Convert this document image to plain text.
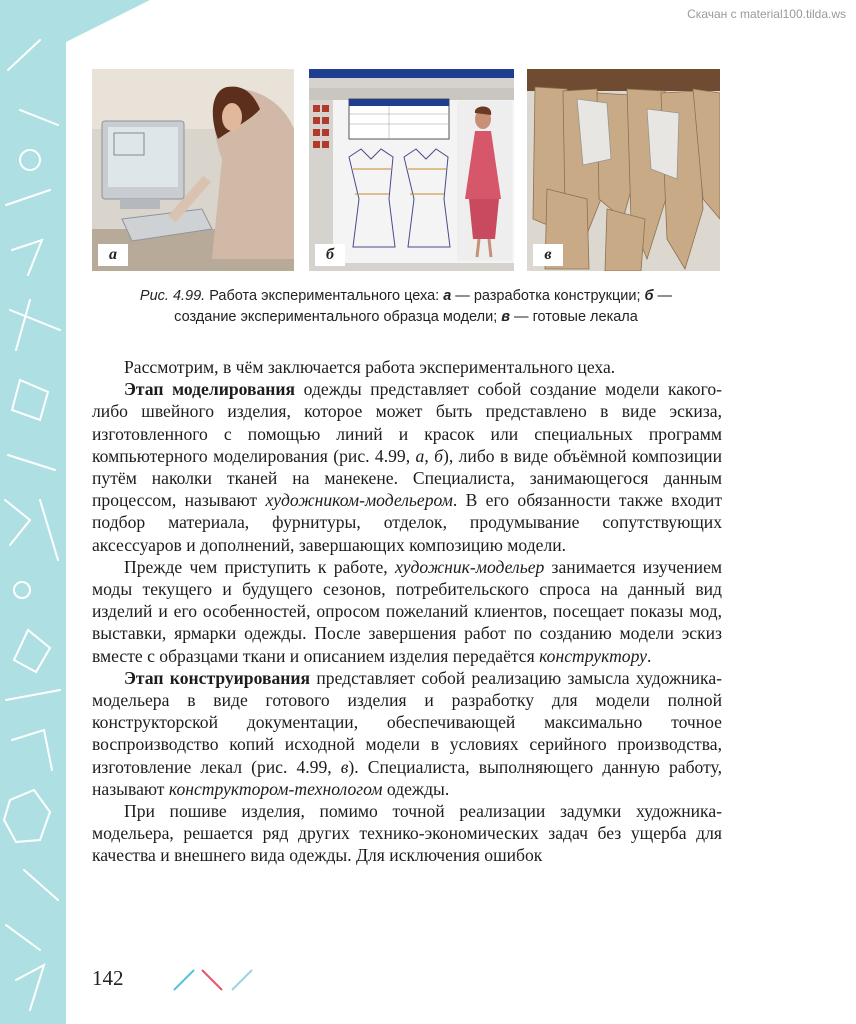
Скачан с material100.tilda.ws
а	б	в
Рис. 4.99. Работа экспериментального цеха: а — разработка конструкции; б —
создание экспериментального образца модели; в — готовые лекала

Рассмотрим, в чём заключается работа экспериментального цеха.

Этап моделирования одежды представляет собой создание модели какого-либо швейного изделия, которое может быть представлено в виде эскиза, изготовленного с помощью линий и красок или специальных программ компьютерного моделирования (рис. 4.99, а, б), либо в виде объёмной композиции путём наколки тканей на манекене. Специалиста, занимающегося данным процессом, называют художником-модельером. В его обязанности также входит подбор материала, фурнитуры, отделок, продумывание сопутствующих аксессуаров и дополнений, завершающих композицию модели.

Прежде чем приступить к работе, художник-модельер занимается изучением моды текущего и будущего сезонов, потребительского спроса на данный вид изделий и его особенностей, опросом пожеланий клиентов, посещает показы мод, выставки, ярмарки одежды. После завершения работ по созданию модели эскиз вместе с образцами ткани и описанием изделия передаётся конструктору.

Этап конструирования представляет собой реализацию замысла художника-модельера в виде готового изделия и разработку для модели полной конструкторской документации, обеспечивающей максимально точное воспроизводство копий исходной модели в условиях серийного производства, изготовление лекал (рис. 4.99, в). Специалиста, выполняющего данную работу, называют конструктором-технологом одежды.

При пошиве изделия, помимо точной реализации задумки художника-модельера, решается ряд других технико-экономических задач без ущерба для качества и внешнего вида одежды. Для исключения ошибок

142
